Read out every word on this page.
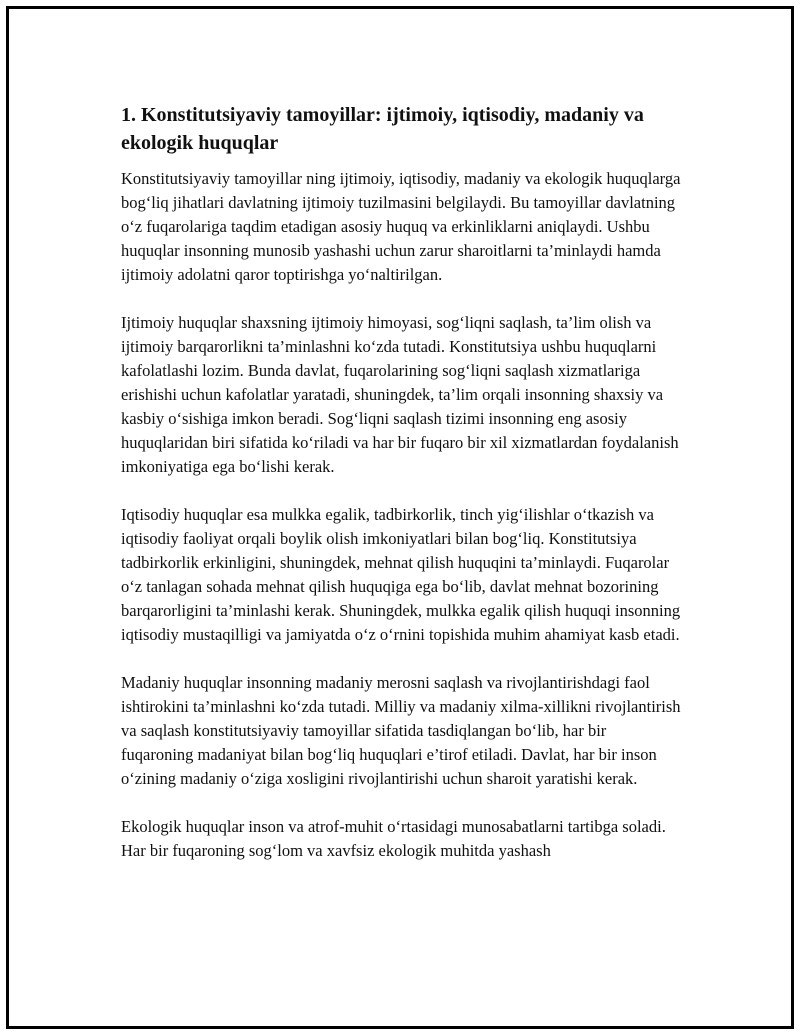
1. Konstitutsiyaviy tamoyillar: ijtimoiy, iqtisodiy, madaniy va ekologik huquqlar

Konstitutsiyaviy tamoyillar ning ijtimoiy, iqtisodiy, madaniy va ekologik huquqlarga bog‘liq jihatlari davlatning ijtimoiy tuzilmasini belgilaydi. Bu tamoyillar davlatning o‘z fuqarolariga taqdim etadigan asosiy huquq va erkinliklarni aniqlaydi. Ushbu huquqlar insonning munosib yashashi uchun zarur sharoitlarni ta’minlaydi hamda ijtimoiy adolatni qaror toptirishga yo‘naltirilgan.

Ijtimoiy huquqlar shaxsning ijtimoiy himoyasi, sog‘liqni saqlash, ta’lim olish va ijtimoiy barqarorlikni ta’minlashni ko‘zda tutadi. Konstitutsiya ushbu huquqlarni kafolatlashi lozim. Bunda davlat, fuqarolarining sog‘liqni saqlash xizmatlariga erishishi uchun kafolatlar yaratadi, shuningdek, ta’lim orqali insonning shaxsiy va kasbiy o‘sishiga imkon beradi. Sog‘liqni saqlash tizimi insonning eng asosiy huquqlaridan biri sifatida ko‘riladi va har bir fuqaro bir xil xizmatlardan foydalanish imkoniyatiga ega bo‘lishi kerak.

Iqtisodiy huquqlar esa mulkka egalik, tadbirkorlik, tinch yig‘ilishlar o‘tkazish va iqtisodiy faoliyat orqali boylik olish imkoniyatlari bilan bog‘liq. Konstitutsiya tadbirkorlik erkinligini, shuningdek, mehnat qilish huquqini ta’minlaydi. Fuqarolar o‘z tanlagan sohada mehnat qilish huquqiga ega bo‘lib, davlat mehnat bozorining barqarorligini ta’minlashi kerak. Shuningdek, mulkka egalik qilish huquqi insonning iqtisodiy mustaqilligi va jamiyatda o‘z o‘rnini topishida muhim ahamiyat kasb etadi.

Madaniy huquqlar insonning madaniy merosni saqlash va rivojlantirishdagi faol ishtirokini ta’minlashni ko‘zda tutadi. Milliy va madaniy xilma-xillikni rivojlantirish va saqlash konstitutsiyaviy tamoyillar sifatida tasdiqlangan bo‘lib, har bir fuqaroning madaniyat bilan bog‘liq huquqlari e’tirof etiladi. Davlat, har bir inson o‘zining madaniy o‘ziga xosligini rivojlantirishi uchun sharoit yaratishi kerak.

Ekologik huquqlar inson va atrof-muhit o‘rtasidagi munosabatlarni tartibga soladi. Har bir fuqaroning sog‘lom va xavfsiz ekologik muhitda yashash
